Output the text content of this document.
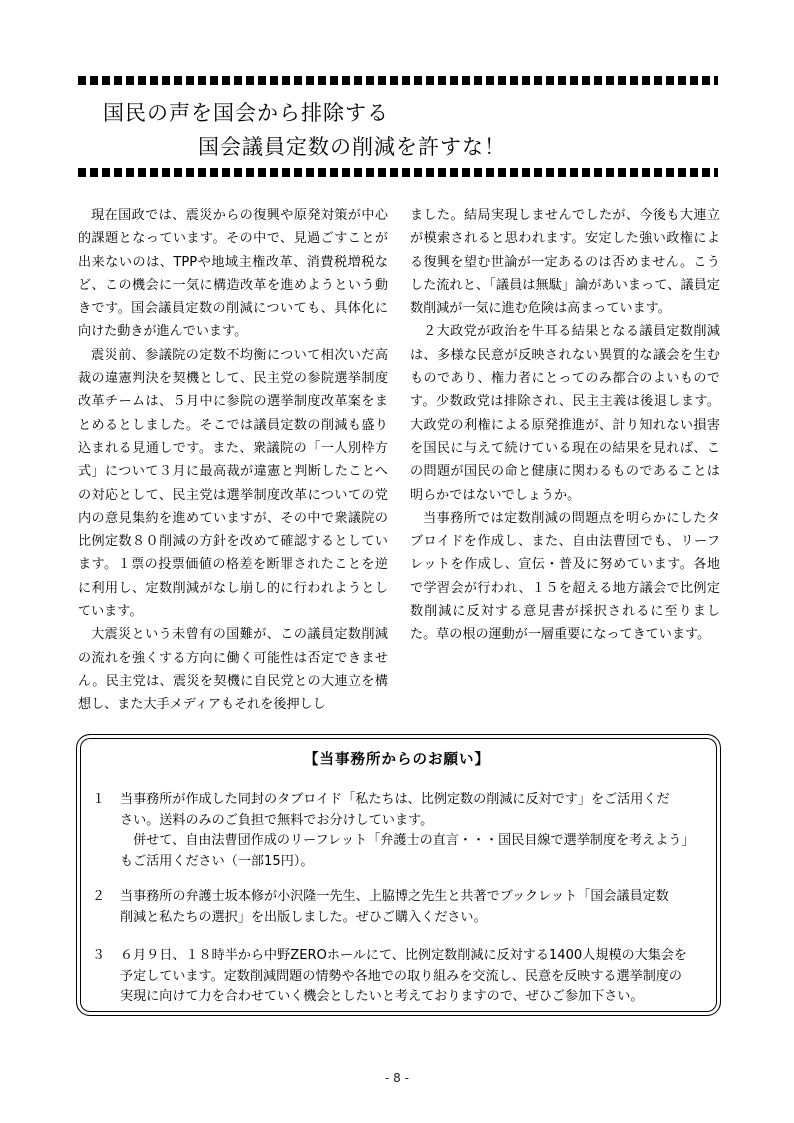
国民の声を国会から排除する
国会議員定数の削減を許すな！

現在国政では、震災からの復興や原発対策が中心的課題となっています。その中で、見過ごすことが出来ないのは、TPPや地域主権改革、消費税増税など、この機会に一気に構造改革を進めようという動きです。国会議員定数の削減についても、具体化に向けた動きが進んでいます。

震災前、参議院の定数不均衡について相次いだ高裁の違憲判決を契機として、民主党の参院選挙制度改革チームは、５月中に参院の選挙制度改革案をまとめるとしました。そこでは議員定数の削減も盛り込まれる見通しです。また、衆議院の「一人別枠方式」について３月に最高裁が違憲と判断したことへの対応として、民主党は選挙制度改革についての党内の意見集約を進めていますが、その中で衆議院の比例定数８０削減の方針を改めて確認するとしています。１票の投票価値の格差を断罪されたことを逆に利用し、定数削減がなし崩し的に行われようとしています。

大震災という未曾有の国難が、この議員定数削減の流れを強くする方向に働く可能性は否定できません。民主党は、震災を契機に自民党との大連立を構想し、また大手メディアもそれを後押しし

ました。結局実現しませんでしたが、今後も大連立が模索されると思われます。安定した強い政権による復興を望む世論が一定あるのは否めません。こうした流れと、「議員は無駄」論があいまって、議員定数削減が一気に進む危険は高まっています。

２大政党が政治を牛耳る結果となる議員定数削減は、多様な民意が反映されない異質的な議会を生むものであり、権力者にとってのみ都合のよいものです。少数政党は排除され、民主主義は後退します。大政党の利権による原発推進が、計り知れない損害を国民に与えて続けている現在の結果を見れば、この問題が国民の命と健康に関わるものであることは明らかではないでしょうか。

当事務所では定数削減の問題点を明らかにしたタブロイドを作成し、また、自由法曹団でも、リーフレットを作成し、宣伝・普及に努めています。各地で学習会が行われ、１５を超える地方議会で比例定数削減に反対する意見書が採択されるに至りました。草の根の運動が一層重要になってきています。

【当事務所からのお願い】
１ 当事務所が作成した同封のタブロイド「私たちは、比例定数の削減に反対です」をご活用くだ
さい。送料のみのご負担で無料でお分けしています。
併せて、自由法曹団作成のリーフレット「弁護士の直言・・・国民目線で選挙制度を考えよう」
もご活用ください（一部15円）。
２ 当事務所の弁護士坂本修が小沢隆一先生、上脇博之先生と共著でブックレット「国会議員定数
削減と私たちの選択」を出版しました。ぜひご購入ください。
３ ６月９日、１８時半から中野ZEROホールにて、比例定数削減に反対する1400人規模の大集会を
予定しています。定数削減問題の情勢や各地での取り組みを交流し、民意を反映する選挙制度の
実現に向けて力を合わせていく機会としたいと考えておりますので、ぜひご参加下さい。
- 8 -
